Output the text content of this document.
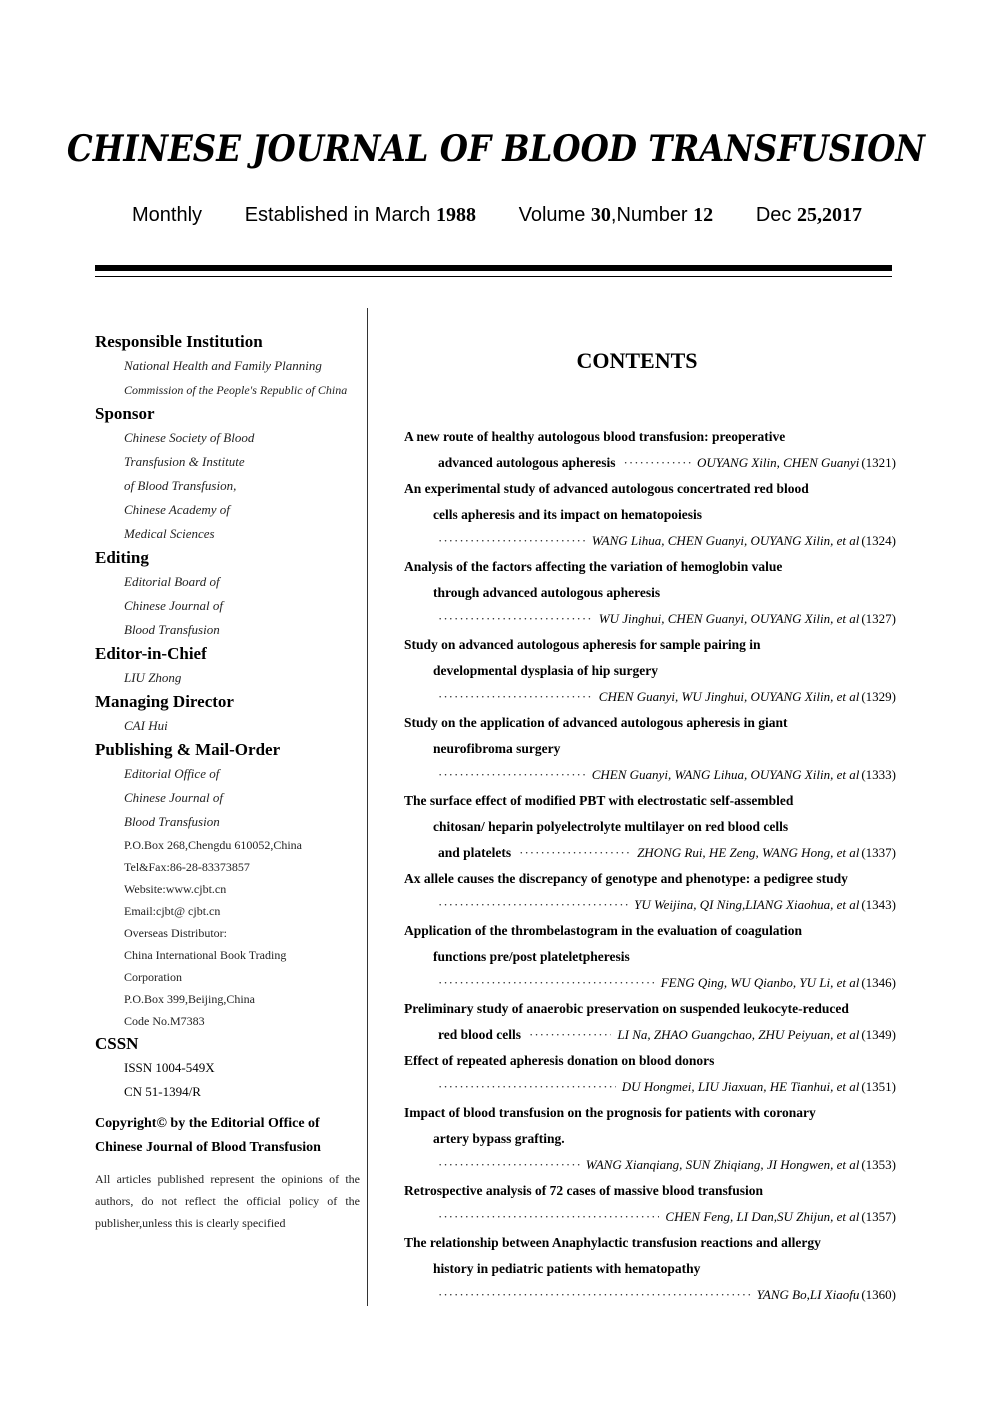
CHINESE JOURNAL OF BLOOD TRANSFUSION
Monthly Established in March 1988 Volume 30,Number 12 Dec 25,2017
Responsible Institution
National Health and Family Planning
Commission of the People's Republic of China
Sponsor
Chinese Society of Blood
Transfusion & Institute
of Blood Transfusion,
Chinese Academy of
Medical Sciences
Editing
Editorial Board of
Chinese Journal of
Blood Transfusion
Editor-in-Chief
LIU Zhong
Managing Director
CAI Hui
Publishing & Mail-Order
Editorial Office of
Chinese Journal of
Blood Transfusion
P.O.Box 268,Chengdu 610052,China
Tel&Fax:86-28-83373857
Website:www.cjbt.cn
Email:cjbt@ cjbt.cn
Overseas Distributor:
China International Book Trading
Corporation
P.O.Box 399,Beijing,China
Code No.M7383
CSSN
ISSN 1004-549X
CN 51-1394/R
Copyright© by the Editorial Office of
Chinese Journal of Blood Transfusion
All articles published represent the opinions of the authors, do not reflect the official policy of the publisher,unless this is clearly specified
CONTENTS
A new route of healthy autologous blood transfusion: preoperative
advanced autologous apheresis ·····	OUYANG Xilin, CHEN Guanyi (1321)
An experimental study of advanced autologous concertrated red blood
cells apheresis and its impact on hematopoiesis
·····
WANG Lihua, CHEN Guanyi, OUYANG Xilin, et al (1324)
Analysis of the factors affecting the variation of hemoglobin value
through advanced autologous apheresis
·····
WU Jinghui, CHEN Guanyi, OUYANG Xilin, et al (1327)
Study on advanced autologous apheresis for sample pairing in
developmental dysplasia of hip surgery
·····
CHEN Guanyi, WU Jinghui, OUYANG Xilin, et al (1329)
Study on the application of advanced autologous apheresis in giant
neurofibroma surgery
·····
CHEN Guanyi, WANG Lihua, OUYANG Xilin, et al (1333)
The surface effect of modified PBT with electrostatic self-assembled
chitosan/ heparin polyelectrolyte multilayer on red blood cells
and platelets ·····	ZHONG Rui, HE Zeng, WANG Hong, et al (1337)
Ax allele causes the discrepancy of genotype and phenotype: a pedigree study
·····
YU Weijina, QI Ning,LIANG Xiaohua, et al (1343)
Application of the thrombelastogram in the evaluation of coagulation
functions pre/post plateletpheresis
·····
FENG Qing, WU Qianbo, YU Li, et al (1346)
Preliminary study of anaerobic preservation on suspended leukocyte-reduced
red blood cells ·····	LI Na, ZHAO Guangchao, ZHU Peiyuan, et al (1349)
Effect of repeated apheresis donation on blood donors
·····
DU Hongmei, LIU Jiaxuan, HE Tianhui, et al (1351)
Impact of blood transfusion on the prognosis for patients with coronary
artery bypass grafting.
·····
WANG Xianqiang, SUN Zhiqiang, JI Hongwen, et al (1353)
Retrospective analysis of 72 cases of massive blood transfusion
·····
CHEN Feng, LI Dan,SU Zhijun, et al (1357)
The relationship between Anaphylactic transfusion reactions and allergy
history in pediatric patients with hematopathy
·····
YANG Bo,LI Xiaofu (1360)
